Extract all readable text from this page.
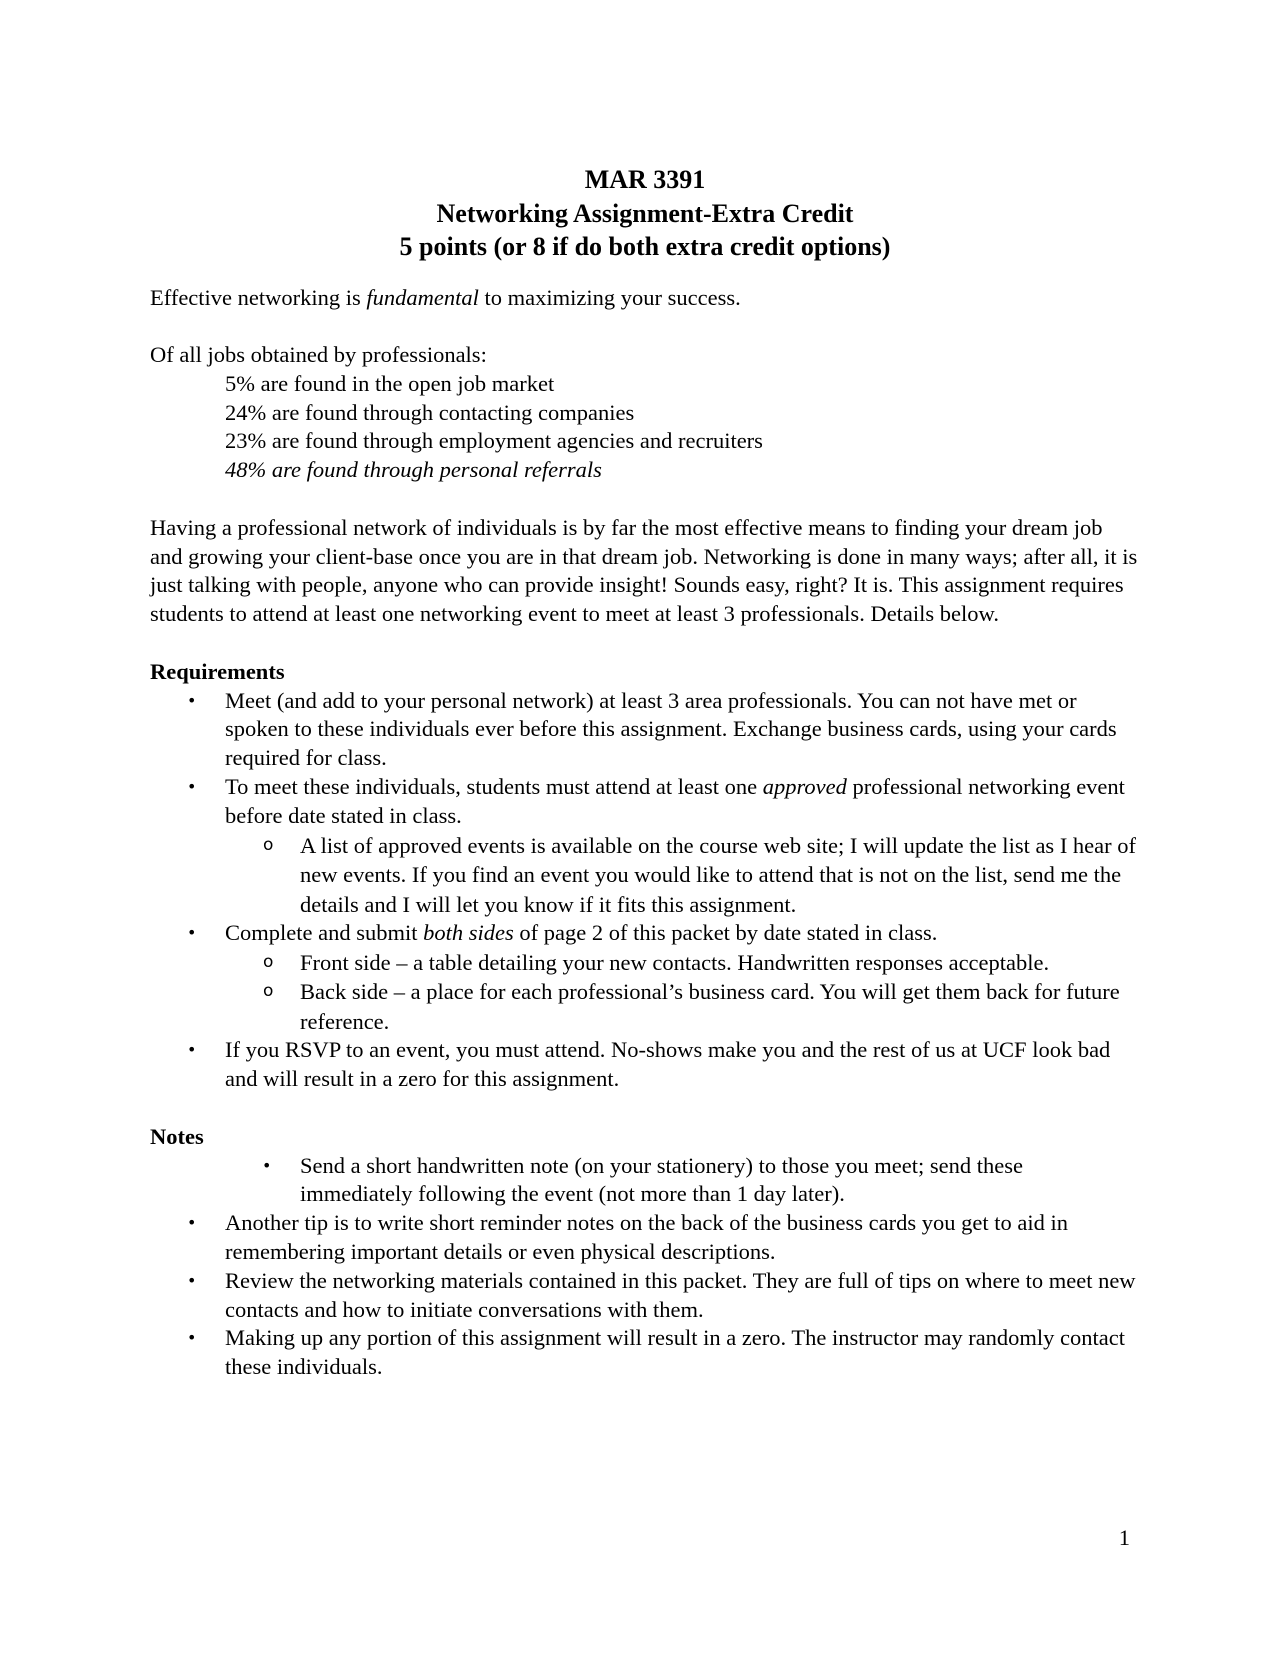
MAR 3391
Networking Assignment-Extra Credit
5 points (or 8 if do both extra credit options)

Effective networking is fundamental to maximizing your success.

Of all jobs obtained by professionals:

5% are found in the open job market

24% are found through contacting companies

23% are found through employment agencies and recruiters

48% are found through personal referrals

Having a professional network of individuals is by far the most effective means to finding your dream job and growing your client-base once you are in that dream job. Networking is done in many ways; after all, it is just talking with people, anyone who can provide insight! Sounds easy, right? It is. This assignment requires students to attend at least one networking event to meet at least 3 professionals. Details below.

Requirements

•	Meet (and add to your personal network) at least 3 area professionals. You can not have met or spoken to these individuals ever before this assignment. Exchange business cards, using your cards required for class.
•	To meet these individuals, students must attend at least one approved professional networking event before date stated in class.
o A list of approved events is available on the course web site; I will update the list as I hear of new events. If you find an event you would like to attend that is not on the list, send me the details and I will let you know if it fits this assignment.
•	Complete and submit both sides of page 2 of this packet by date stated in class.
o Front side – a table detailing your new contacts. Handwritten responses acceptable.
o Back side – a place for each professional’s business card. You will get them back for future reference.
•	If you RSVP to an event, you must attend. No-shows make you and the rest of us at UCF look bad and will result in a zero for this assignment.

Notes

•	Send a short handwritten note (on your stationery) to those you meet; send these immediately following the event (not more than 1 day later).
•	Another tip is to write short reminder notes on the back of the business cards you get to aid in remembering important details or even physical descriptions.
•	Review the networking materials contained in this packet. They are full of tips on where to meet new contacts and how to initiate conversations with them.
•	Making up any portion of this assignment will result in a zero. The instructor may randomly contact these individuals.
1
